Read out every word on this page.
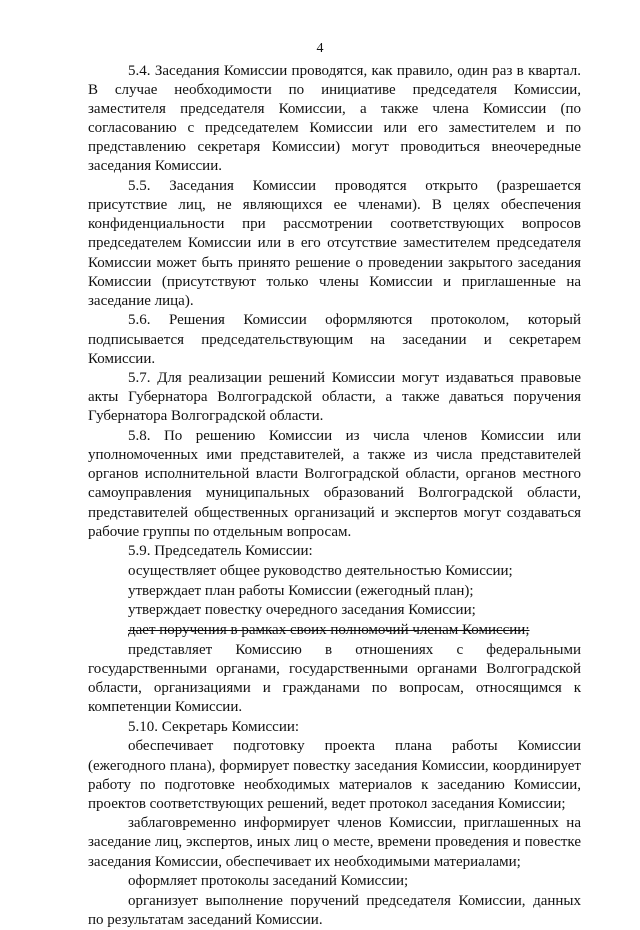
4

5.4. Заседания Комиссии проводятся, как правило, один раз в квартал. В случае необходимости по инициативе председателя Комиссии, заместителя председателя Комиссии, а также члена Комиссии (по согласованию с председателем Комиссии или его заместителем и по представлению секретаря Комиссии) могут проводиться внеочередные заседания Комиссии.

5.5. Заседания Комиссии проводятся открыто (разрешается присутствие лиц, не являющихся ее членами). В целях обеспечения конфиденциальности при рассмотрении соответствующих вопросов председателем Комиссии или в его отсутствие заместителем председателя Комиссии может быть принято решение о проведении закрытого заседания Комиссии (присутствуют только члены Комиссии и приглашенные на заседание лица).

5.6. Решения Комиссии оформляются протоколом, который подписывается председательствующим на заседании и секретарем Комиссии.

5.7. Для реализации решений Комиссии могут издаваться правовые акты Губернатора Волгоградской области, а также даваться поручения Губернатора Волгоградской области.

5.8. По решению Комиссии из числа членов Комиссии или уполномоченных ими представителей, а также из числа представителей органов исполнительной власти Волгоградской области, органов местного самоуправления муниципальных образований Волгоградской области, представителей общественных организаций и экспертов могут создаваться рабочие группы по отдельным вопросам.

5.9. Председатель Комиссии:

осуществляет общее руководство деятельностью Комиссии;

утверждает план работы Комиссии (ежегодный план);

утверждает повестку очередного заседания Комиссии;

дает поручения в рамках своих полномочий членам Комиссии;

представляет Комиссию в отношениях с федеральными государственными органами, государственными органами Волгоградской области, организациями и гражданами по вопросам, относящимся к компетенции Комиссии.

5.10. Секретарь Комиссии:

обеспечивает подготовку проекта плана работы Комиссии (ежегодного плана), формирует повестку заседания Комиссии, координирует работу по подготовке необходимых материалов к заседанию Комиссии, проектов соответствующих решений, ведет протокол заседания Комиссии;

заблаговременно информирует членов Комиссии, приглашенных на заседание лиц, экспертов, иных лиц о месте, времени проведения и повестке заседания Комиссии, обеспечивает их необходимыми материалами;

оформляет протоколы заседаний Комиссии;

организует выполнение поручений председателя Комиссии, данных по результатам заседаний Комиссии.
